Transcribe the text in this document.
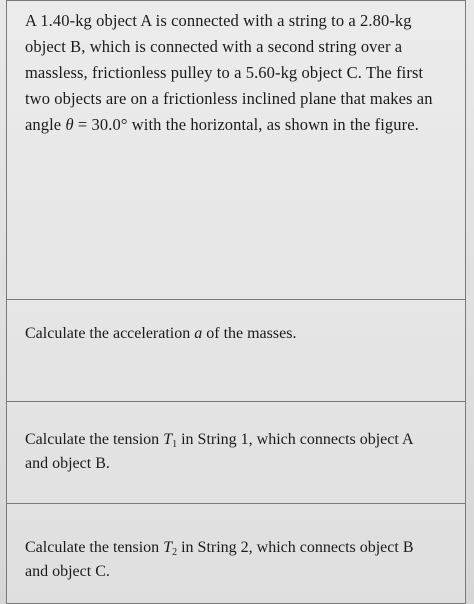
A 1.40-kg object A is connected with a string to a 2.80-kg
object B, which is connected with a second string over a
massless, frictionless pulley to a 5.60-kg object C. The first
two objects are on a frictionless inclined plane that makes an
angle θ = 30.0° with the horizontal, as shown in the figure.

Calculate the acceleration a of the masses.

Calculate the tension $T_1$ in String 1, which connects object A
and object B.

Calculate the tension $T_2$ in String 2, which connects object B
and object C.
